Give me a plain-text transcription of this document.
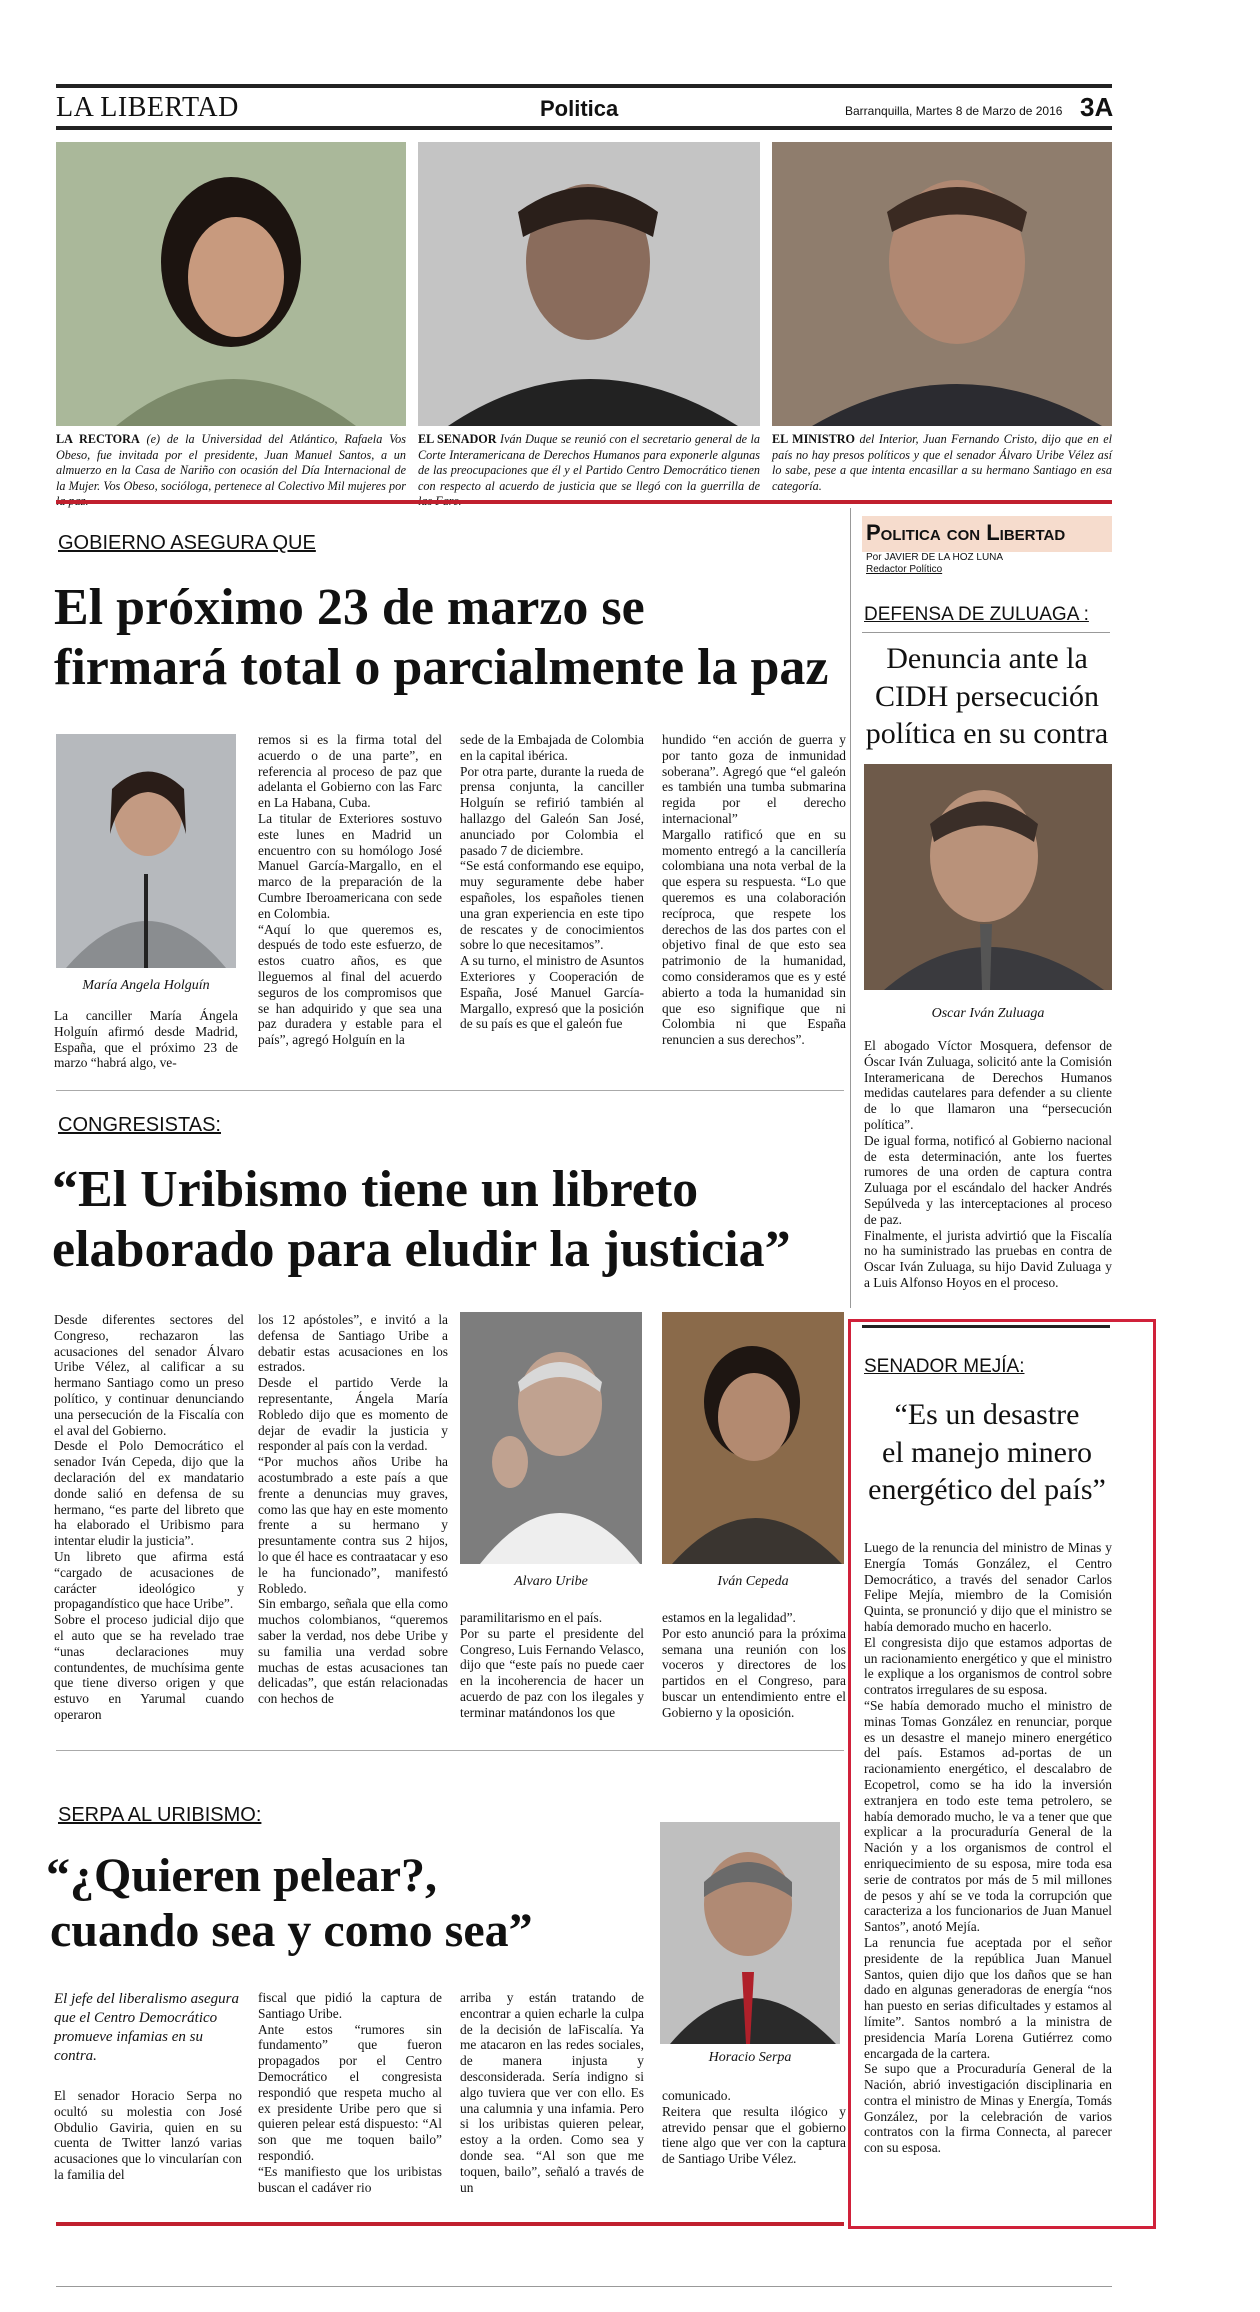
LA LIBERTAD	Politica	Barranquilla, Martes 8 de Marzo de 2016 3A
LA RECTORA (e) de la Universidad del Atlántico, Rafaela Vos Obeso, fue invitada por el presidente, Juan Manuel Santos, a un almuerzo en la Casa de Nariño con ocasión del Día Internacional de la Mujer. Vos Obeso, socióloga, pertenece al Colectivo Mil mujeres por
EL SENADOR Iván Duque se reunió con el secretario general de la Corte Interamericana de Derechos Humanos para exponerle algunas de las preocupaciones que él y el Partido Centro Democrático tienen con respecto al acuerdo de justicia que se llegó con la guerrilla de
EL MINISTRO del Interior, Juan Fernando Cristo, dijo que en el país no hay presos políticos y que el senador Álvaro Uribe Vélez así lo sabe, pese a que intenta encasillar a su hermano Santiago en esa categoría.
GOBIERNO ASEGURA QUE
El próximo 23 de marzo se
firmará total o parcialmente la paz
María Angela Holguín
La canciller María Ángela Holguín afirmó desde Madrid, España, que el próximo 23 de marzo “habrá algo, ve-

remos si es la firma total del acuerdo o de una parte”, en referencia al proceso de paz que adelanta el Gobierno con las Farc en La Habana, Cuba.

La titular de Exteriores sostuvo este lunes en Madrid un encuentro con su homólogo José Manuel García-Margallo, en el marco de la preparación de la Cumbre Iberoamericana con sede en Colombia.

“Aquí lo que queremos es, después de todo este esfuerzo, de estos cuatro años, es que lleguemos al final del acuerdo seguros de los compromisos que se han adquirido y que sea una paz duradera y estable para el país”, agregó Holguín en la

sede de la Embajada de Colombia en la capital ibérica.

Por otra parte, durante la rueda de prensa conjunta, la canciller Holguín se refirió también al hallazgo del Galeón San José, anunciado por Colombia el pasado 7 de diciembre.

“Se está conformando ese equipo, muy seguramente debe haber españoles, los españoles tienen una gran experiencia en este tipo de rescates y de conocimientos sobre lo que necesitamos”.

A su turno, el ministro de Asuntos Exteriores y Cooperación de España, José Manuel García-Margallo, expresó que la posición de su país es que el galeón fue

hundido “en acción de guerra y por tanto goza de inmunidad soberana”. Agregó que “el galeón es también una tumba submarina regida por el derecho internacional”

Margallo ratificó que en su momento entregó a la cancillería colombiana una nota verbal de la que espera su respuesta. “Lo que queremos es una colaboración recíproca, que respete los derechos de las dos partes con el objetivo final de que esto sea patrimonio de la humanidad, como consideramos que es y esté abierto a toda la humanidad sin que eso signifique que ni Colombia ni que España renuncien a sus derechos”.

CONGRESISTAS:
“El Uribismo tiene un libreto
elaborado para eludir la justicia”

Desde diferentes sectores del Congreso, rechazaron las acusaciones del senador Álvaro Uribe Vélez, al calificar a su hermano Santiago como un preso político, y continuar denunciando una persecución de la Fiscalía con el aval del Gobierno.

Desde el Polo Democrático el senador Iván Cepeda, dijo que la declaración del ex mandatario donde salió en defensa de su hermano, “es parte del libreto que ha elaborado el Uribismo para intentar eludir la justicia”.

Un libreto que afirma está “cargado de acusaciones de carácter ideológico y propagandístico que hace Uribe”.

Sobre el proceso judicial dijo que el auto que se ha revelado trae “unas declaraciones muy contundentes, de muchísima gente que tiene diverso origen y que estuvo en Yarumal cuando operaron

los 12 apóstoles”, e invitó a la defensa de Santiago Uribe a debatir estas acusaciones en los estrados.

Desde el partido Verde la representante, Ángela María Robledo dijo que es momento de dejar de evadir la justicia y responder al país con la verdad.

“Por muchos años Uribe ha acostumbrado a este país a que frente a denuncias muy graves, como las que hay en este momento frente a su hermano y presuntamente contra sus 2 hijos, lo que él hace es contraatacar y eso le ha funcionado”, manifestó Robledo.

Sin embargo, señala que ella como muchos colombianos, “queremos saber la verdad, nos debe Uribe y su familia una verdad sobre muchas de estas acusaciones tan delicadas”, que están relacionadas con hechos de

Alvaro Uribe	Iván Cepeda

paramilitarismo en el país.

Por su parte el presidente del Congreso, Luis Fernando Velasco, dijo que “este país no puede caer en la incoherencia de hacer un acuerdo de paz con los ilegales y terminar matándonos los que

estamos en la legalidad”.

Por esto anunció para la próxima semana una reunión con los voceros y directores de los partidos en el Congreso, para buscar un entendimiento entre el Gobierno y la oposición.

SERPA AL URIBISMO:
“¿Quieren pelear?,
cuando sea y como sea”
El jefe del liberalismo asegura que el Centro Democrático promueve infamias en su contra.
El senador Horacio Serpa no ocultó su molestia con José Obdulio Gaviria, quien en su cuenta de Twitter lanzó varias acusaciones que lo vincularían con la familia del

fiscal que pidió la captura de Santiago Uribe.

Ante estos “rumores sin fundamento” que fueron propagados por el Centro Democrático el congresista respondió que respeta mucho al ex presidente Uribe pero que si quieren pelear está dispuesto: “Al son que me toquen bailo” respondió.

“Es manifiesto que los uribistas buscan el cadáver rio

arriba y están tratando de encontrar a quien echarle la culpa de la decisión de laFiscalía. Ya me atacaron en las redes sociales, de manera injusta y desconsiderada. Sería indigno si algo tuviera que ver con ello. Es una calumnia y una infamia. Pero si los uribistas quieren pelear, estoy a la orden. Como sea y donde sea. “Al son que me toquen, bailo”, señaló a través de un
Horacio Serpa

comunicado.

Reitera que resulta ilógico y atrevido pensar que el gobierno tiene algo que ver con la captura de Santiago Uribe Vélez.

Politica con Libertad
Por JAVIER DE LA HOZ LUNA
Redactor Político
DEFENSA DE ZULUAGA :
Denuncia ante la
CIDH persecución
política en su contra
Oscar Iván Zuluaga

El abogado Víctor Mosquera, defensor de Óscar Iván Zuluaga, solicitó ante la Comisión Interamericana de Derechos Humanos medidas cautelares para defender a su cliente de lo que llamaron una “persecución política”.

De igual forma, notificó al Gobierno nacional de esta determinación, ante los fuertes rumores de una orden de captura contra Zuluaga por el escándalo del hacker Andrés Sepúlveda y las interceptaciones al proceso de paz.

Finalmente, el jurista advirtió que la Fiscalía no ha suministrado las pruebas en contra de Oscar Iván Zuluaga, su hijo David Zuluaga y a Luis Alfonso Hoyos en el proceso.

SENADOR MEJÍA:
“Es un desastre
el manejo minero
energético del país”

Luego de la renuncia del ministro de Minas y Energía Tomás González, el Centro Democrático, a través del senador Carlos Felipe Mejía, miembro de la Comisión Quinta, se pronunció y dijo que el ministro se había demorado mucho en hacerlo.

El congresista dijo que estamos adportas de un racionamiento energético y que el ministro le explique a los organismos de control sobre contratos irregulares de su esposa.

“Se había demorado mucho el ministro de minas Tomas González en renunciar, porque es un desastre el manejo minero energético del país. Estamos ad-portas de un racionamiento energético, el descalabro de Ecopetrol, como se ha ido la inversión extranjera en todo este tema petrolero, se había demorado mucho, le va a tener que que explicar a la procuraduría General de la Nación y a los organismos de control el enriquecimiento de su esposa, mire toda esa serie de contratos por más de 5 mil millones de pesos y ahí se ve toda la corrupción que caracteriza a los funcionarios de Juan Manuel Santos”, anotó Mejía.

La renuncia fue aceptada por el señor presidente de la república Juan Manuel Santos, quien dijo que los daños que se han dado en algunas generadoras de energía “nos han puesto en serias dificultades y estamos al límite”. Santos nombró a la ministra de presidencia María Lorena Gutiérrez como encargada de la cartera.

Se supo que a Procuraduría General de la Nación, abrió investigación disciplinaria en contra el ministro de Minas y Energía, Tomás González, por la celebración de varios contratos con la firma Connecta, al parecer con su esposa.
